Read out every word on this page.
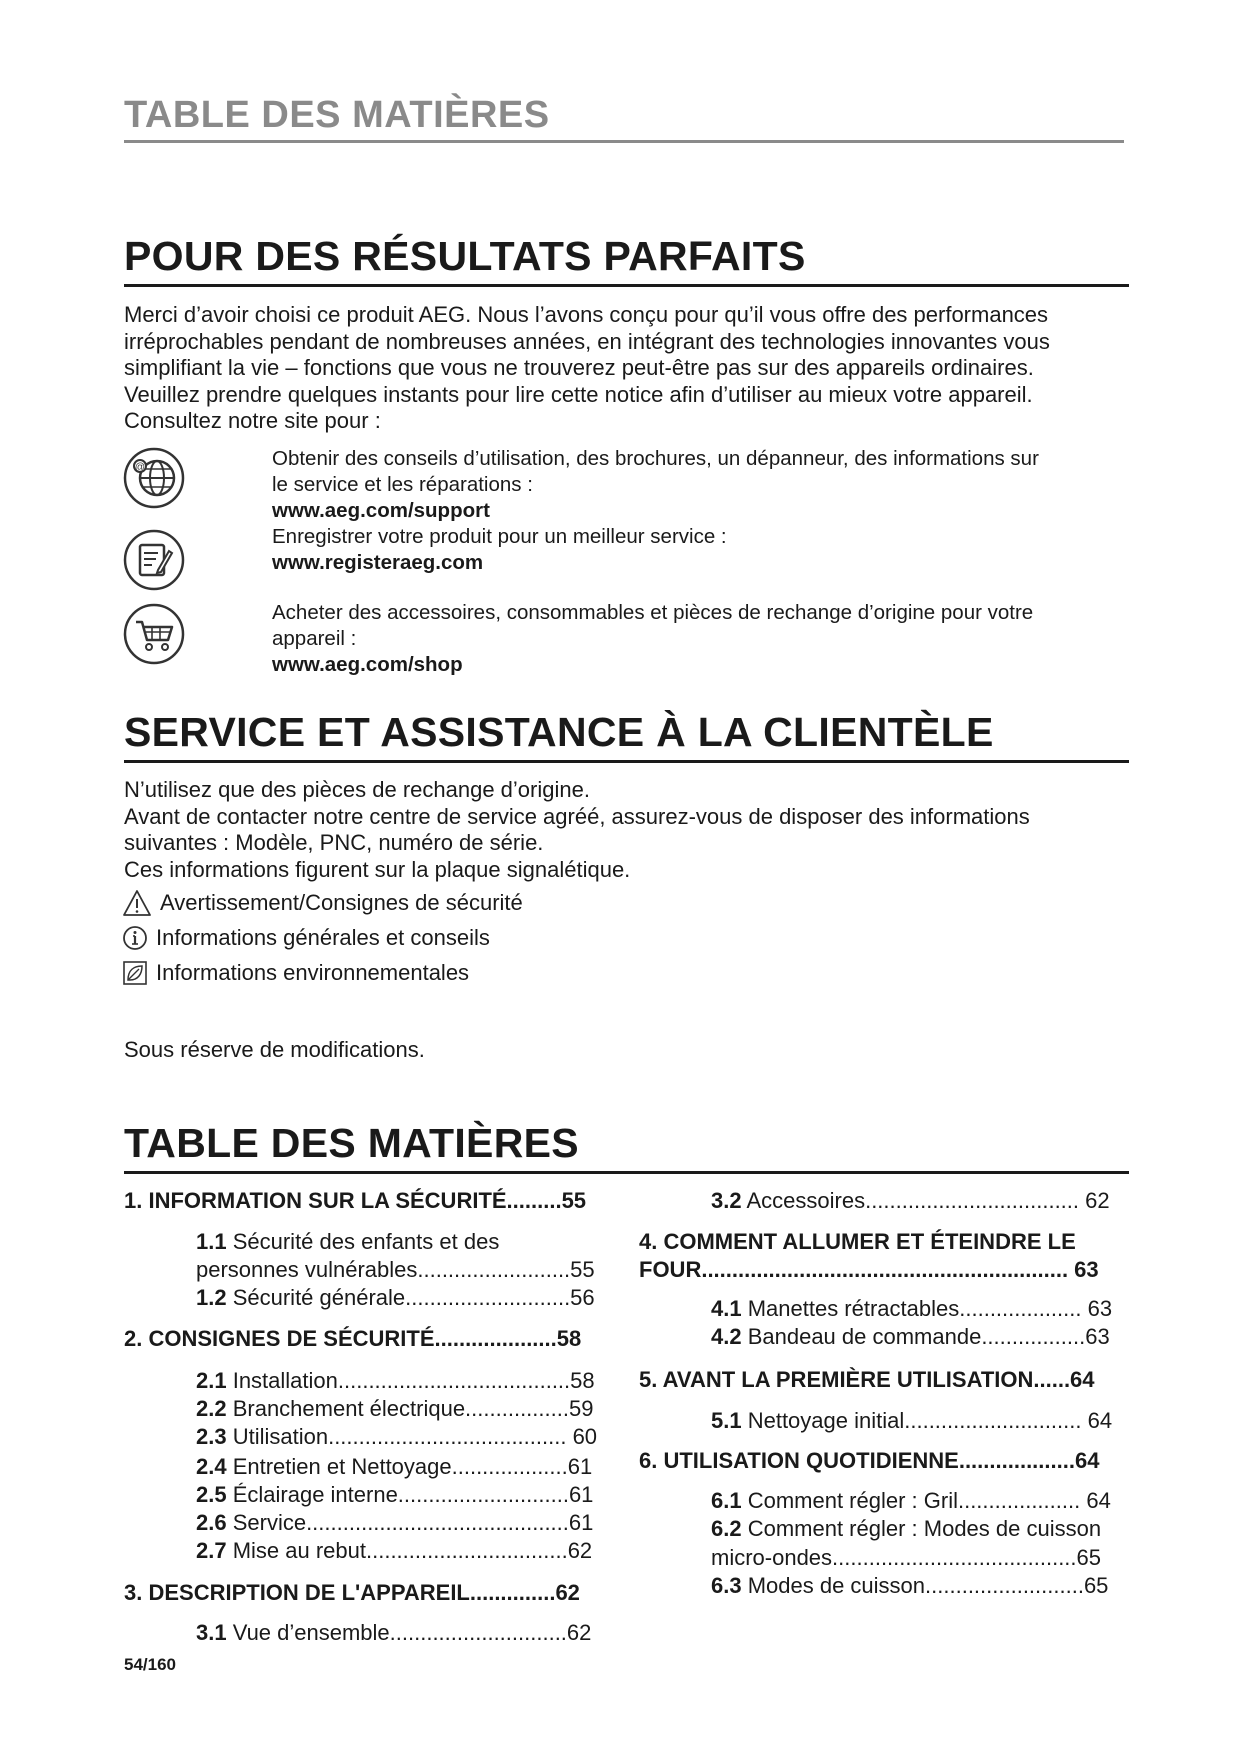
TABLE DES MATIÈRES
POUR DES RÉSULTATS PARFAITS

Merci d’avoir choisi ce produit AEG. Nous l’avons conçu pour qu’il vous offre des performances

irréprochables pendant de nombreuses années, en intégrant des technologies innovantes vous

simplifiant la vie – fonctions que vous ne trouverez peut-être pas sur des appareils ordinaires.

Veuillez prendre quelques instants pour lire cette notice afin d’utiliser au mieux votre appareil.

Consultez notre site pour :

@	Obtenir des conseils d’utilisation, des brochures, un dépanneur, des informations sur

le service et les réparations :

www.aeg.com/support

Enregistrer votre produit pour un meilleur service :

www.registeraeg.com

Acheter des accessoires, consommables et pièces de rechange d’origine pour votre

appareil :

www.aeg.com/shop

SERVICE ET ASSISTANCE À LA CLIENTÈLE

N’utilisez que des pièces de rechange d’origine.

Avant de contacter notre centre de service agréé, assurez-vous de disposer des informations

suivantes : Modèle, PNC, numéro de série.

Ces informations figurent sur la plaque signalétique.

Avertissement/Consignes de sécurité
Informations générales et conseils
Informations environnementales
Sous réserve de modifications.
TABLE DES MATIÈRES
1. INFORMATION SUR LA SÉCURITÉ.........55
1.1 Sécurité des enfants et des
personnes vulnérables.........................55
1.2 Sécurité générale...........................56
2. CONSIGNES DE SÉCURITÉ....................58
2.1 Installation......................................58
2.2 Branchement électrique.................59
2.3 Utilisation....................................... 60
2.4 Entretien et Nettoyage...................61
2.5 Éclairage interne............................61
2.6 Service...........................................61
2.7 Mise au rebut.................................62
3. DESCRIPTION DE L'APPAREIL..............62
3.1 Vue d’ensemble.............................62
3.2 Accessoires................................... 62
4. COMMENT ALLUMER ET ÉTEINDRE LE
FOUR............................................................ 63
4.1 Manettes rétractables.................... 63
4.2 Bandeau de commande.................63
5. AVANT LA PREMIÈRE UTILISATION......64
5.1 Nettoyage initial............................. 64
6. UTILISATION QUOTIDIENNE...................64
6.1 Comment régler : Gril.................... 64
6.2 Comment régler : Modes de cuisson
micro-ondes........................................65
6.3 Modes de cuisson..........................65
54/160
